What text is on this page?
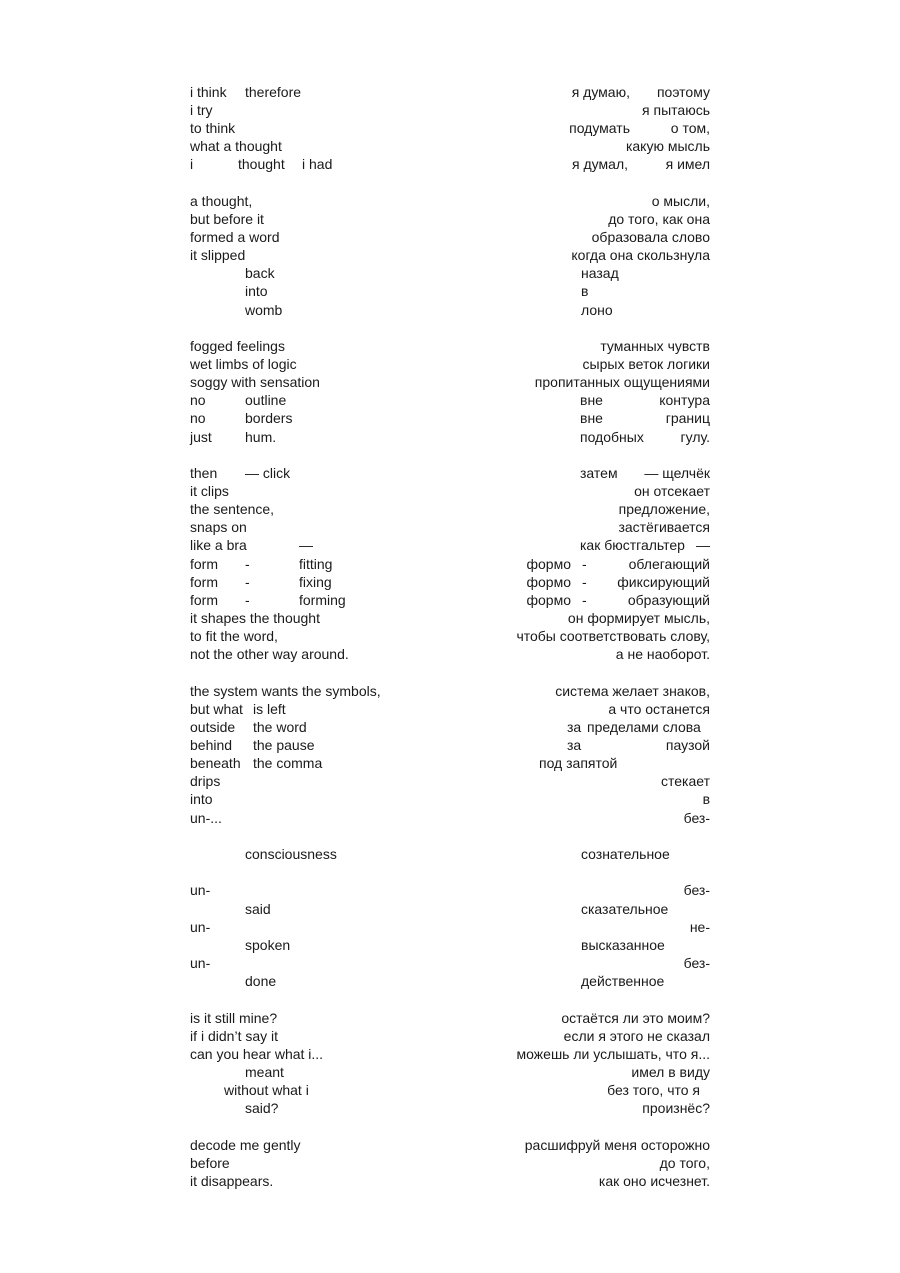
i think therefore
i try
to think
what a thought
i	thought i had
a thought,
but before it
formed a word
it slipped
back
into
womb
fogged feelings
wet limbs of logic
soggy with sensation
no	outline
no	borders
just hum.
then — click
it clips
the sentence,
snaps on
like a bra	—
form -	fitting
form -	fixing
form -	forming
it shapes the thought
to fit the word,
not the other way around.
the system wants the symbols,
but what is left
outside the word
behind the pause
beneath the comma
drips
into
un-...
consciousness
un-
said
un-
spoken
un-
done
is it still mine?
if i didn’t say it
can you hear what i...
meant
without what i
said?
decode me gently
before
it disappears.
я думаю, поэтому
я пытаюсь
подумать	о том,
какую мысль
я думал,	я имел
о мысли,
до того, как она
образовала слово
когда она скользнула
назад
в
лоно
туманных чувств
сырых веток логики
пропитанных ощущениями
вне	контура
вне	границ
подобных	гулу.
затем — щелчёк
он отсекает
предложение,
застёгивается
как бюстгальтер —
формо -	облегающий
формо - фиксирующий
формо -	образующий
он формирует мысль,
чтобы соответствовать слову,
а не наоборот.
система желает знаков,
а что останется
за пределами слова
за	паузой
под запятой
стекает
в
без-
сознательное
без-
сказательное
не-
высказанное
без-
действенное
остаётся ли это моим?
если я этого не сказал
можешь ли услышать, что я...
имел в виду
без того, что я
произнёс?
расшифруй меня осторожно
до того,
как оно исчезнет.
